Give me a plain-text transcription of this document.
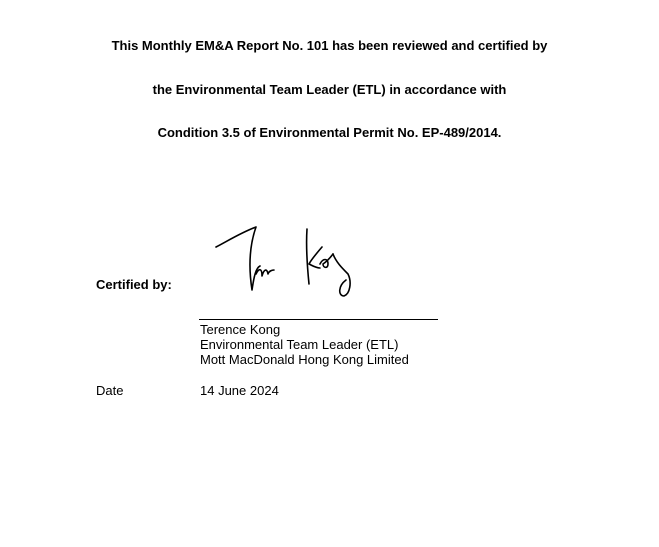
This Monthly EM&A Report No. 101 has been reviewed and certified by
the Environmental Team Leader (ETL) in accordance with
Condition 3.5 of Environmental Permit No. EP-489/2014.
Certified by:
Terence Kong
Environmental Team Leader (ETL)
Mott MacDonald Hong Kong Limited
Date	14 June 2024
